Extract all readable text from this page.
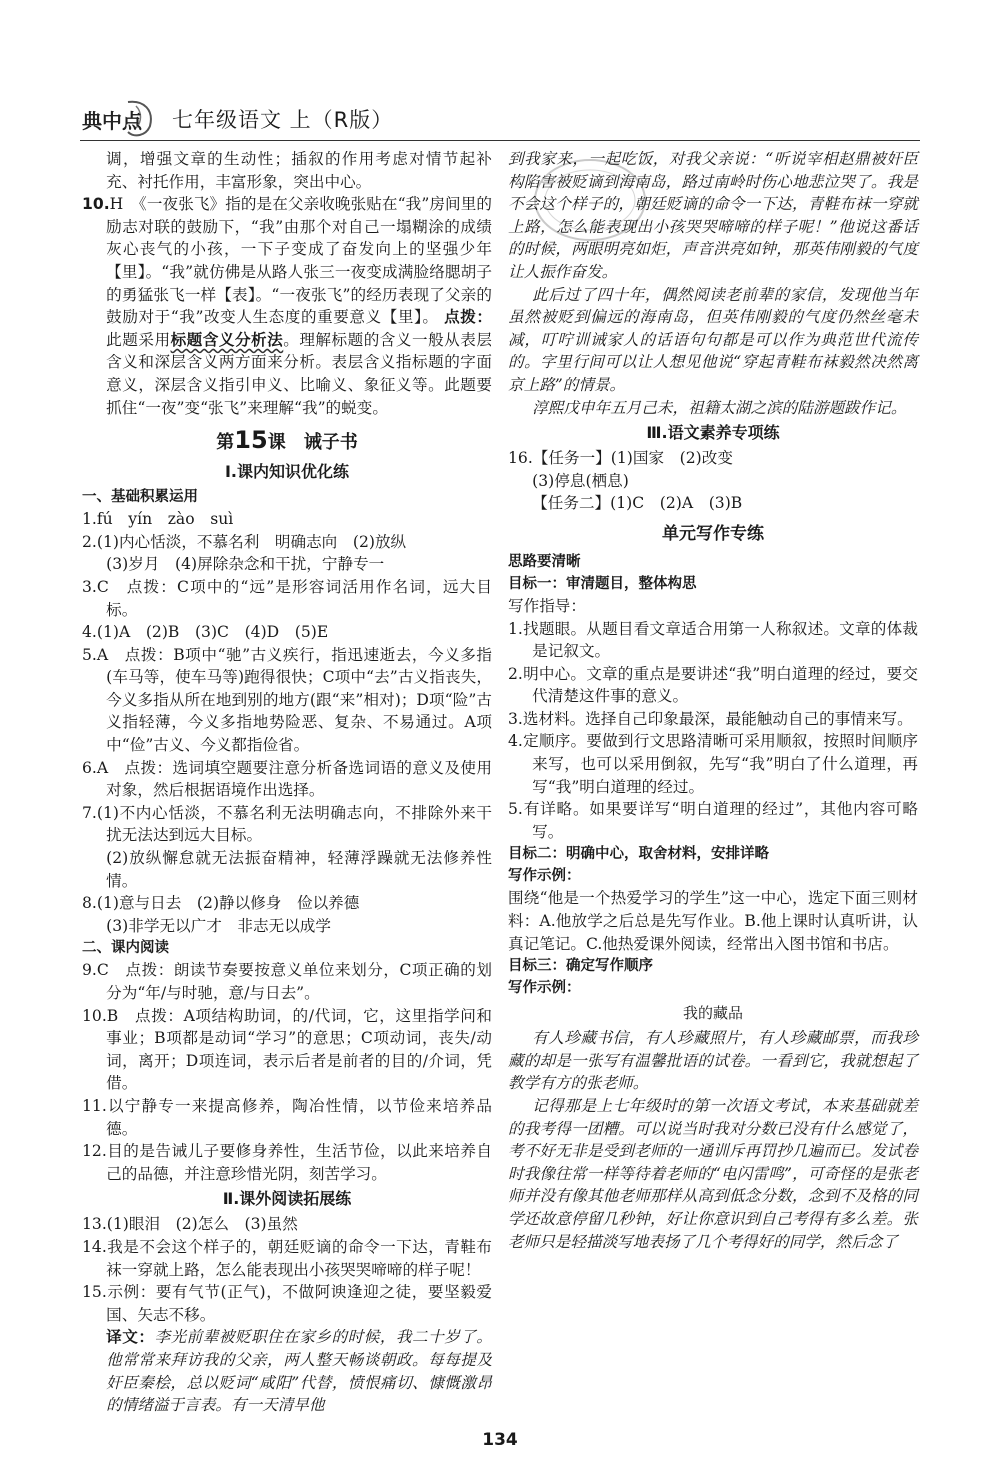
典中点 七年级语文 上（R版）

调，增强文章的生动性；插叙的作用考虑对情节起补充、衬托作用，丰富形象，突出中心。

10.H　《一夜张飞》指的是在父亲收晚张贴在“我”房间里的励志对联的鼓励下，“我”由那个对自己一塌糊涂的成绩灰心丧气的小孩，一下子变成了奋发向上的坚强少年【里】。“我”就仿佛是从路人张三一夜变成满脸络腮胡子的勇猛张飞一样【表】。“一夜张飞”的经历表现了父亲的鼓励对于“我”改变人生态度的重要意义【里】。 点拨：此题采用标题含义分析法。理解标题的含义一般从表层含义和深层含义两方面来分析。表层含义指标题的字面意义，深层含义指引申义、比喻义、象征义等。此题要抓住“一夜”变“张飞”来理解“我”的蜕变。

第15课　诫子书
Ⅰ.课内知识优化练

一、基础积累运用

1.fú　yín　zào　suì

2.(1)内心恬淡，不慕名利　明确志向　(2)放纵

(3)岁月　(4)屏除杂念和干扰，宁静专一

3.C　点拨：C项中的“远”是形容词活用作名词，远大目标。

4.(1)A　(2)B　(3)C　(4)D　(5)E

5.A　点拨：B项中“驰”古义疾行，指迅速逝去，今义多指(车马等，使车马等)跑得很快；C项中“去”古义指丧失，今义多指从所在地到别的地方(跟“来”相对)；D项“险”古义指轻薄，今义多指地势险恶、复杂、不易通过。A项中“俭”古义、今义都指俭省。

6.A　点拨：选词填空题要注意分析备选词语的意义及使用对象，然后根据语境作出选择。

7.(1)不内心恬淡，不慕名利无法明确志向，不排除外来干扰无法达到远大目标。

(2)放纵懈怠就无法振奋精神，轻薄浮躁就无法修养性情。

8.(1)意与日去　(2)静以修身　俭以养德

(3)非学无以广才　非志无以成学

二、课内阅读

9.C　点拨：朗读节奏要按意义单位来划分，C项正确的划分为“年/与时驰，意/与日去”。

10.B　点拨：A项结构助词，的/代词，它，这里指学问和事业；B项都是动词“学习”的意思；C项动词，丧失/动词，离开；D项连词，表示后者是前者的目的/介词，凭借。

11.以宁静专一来提高修养，陶冶性情，以节俭来培养品德。

12.目的是告诫儿子要修身养性，生活节俭，以此来培养自己的品德，并注意珍惜光阴，刻苦学习。

Ⅱ.课外阅读拓展练

13.(1)眼泪　(2)怎么　(3)虽然

14.我是不会这个样子的，朝廷贬谪的命令一下达，青鞋布袜一穿就上路，怎么能表现出小孩哭哭啼啼的样子呢！

15.示例：要有气节(正气)，不做阿谀逢迎之徒，要坚毅爱国、矢志不移。

译文：李光前辈被贬职住在家乡的时候，我二十岁了。他常常来拜访我的父亲，两人整天畅谈朝政。每每提及奸臣秦桧，总以贬词“咸阳”代替，愤恨痛切、慷慨激昂的情绪溢于言表。有一天清早他

到我家来，一起吃饭，对我父亲说：“听说宰相赵鼎被奸臣构陷害被贬谪到海南岛，路过南岭时伤心地悲泣哭了。我是不会这个样子的，朝廷贬谪的命令一下达，青鞋布袜一穿就上路，怎么能表现出小孩哭哭啼啼的样子呢！”他说这番话的时候，两眼明亮如炬，声音洪亮如钟，那英伟刚毅的气度让人振作奋发。

此后过了四十年，偶然阅读老前辈的家信，发现他当年虽然被贬到偏远的海南岛，但英伟刚毅的气度仍然丝毫未减，叮咛训诫家人的话语句句都是可以作为典范世代流传的。字里行间可以让人想见他说“穿起青鞋布袜毅然决然离京上路”的情景。

淳熙戊申年五月己未，祖籍太湖之滨的陆游题跋作记。

Ⅲ.语文素养专项练

16.【任务一】(1)国家　(2)改变

(3)停息(栖息)

【任务二】(1)C　(2)A　(3)B

单元写作专练

思路要清晰

目标一：审清题目，整体构思

写作指导：

1.找题眼。从题目看文章适合用第一人称叙述。文章的体裁是记叙文。

2.明中心。文章的重点是要讲述“我”明白道理的经过，要交代清楚这件事的意义。

3.选材料。选择自己印象最深，最能触动自己的事情来写。

4.定顺序。要做到行文思路清晰可采用顺叙，按照时间顺序来写，也可以采用倒叙，先写“我”明白了什么道理，再写“我”明白道理的经过。

5.有详略。如果要详写“明白道理的经过”，其他内容可略写。

目标二：明确中心，取舍材料，安排详略

写作示例：

围绕“他是一个热爱学习的学生”这一中心，选定下面三则材料：A.他放学之后总是先写作业。B.他上课时认真听讲，认真记笔记。C.他热爱课外阅读，经常出入图书馆和书店。

目标三：确定写作顺序

写作示例：

我的藏品

有人珍藏书信，有人珍藏照片，有人珍藏邮票，而我珍藏的却是一张写有温馨批语的试卷。一看到它，我就想起了教学有方的张老师。

记得那是上七年级时的第一次语文考试，本来基础就差的我考得一团糟。可以说当时我对分数已没有什么感觉了，考不好无非是受到老师的一通训斥再罚抄几遍而已。发试卷时我像往常一样等待着老师的“电闪雷鸣”，可奇怪的是张老师并没有像其他老师那样从高到低念分数，念到不及格的同学还故意停留几秒钟，好让你意识到自己考得有多么差。张老师只是轻描淡写地表扬了几个考得好的同学，然后念了

134
